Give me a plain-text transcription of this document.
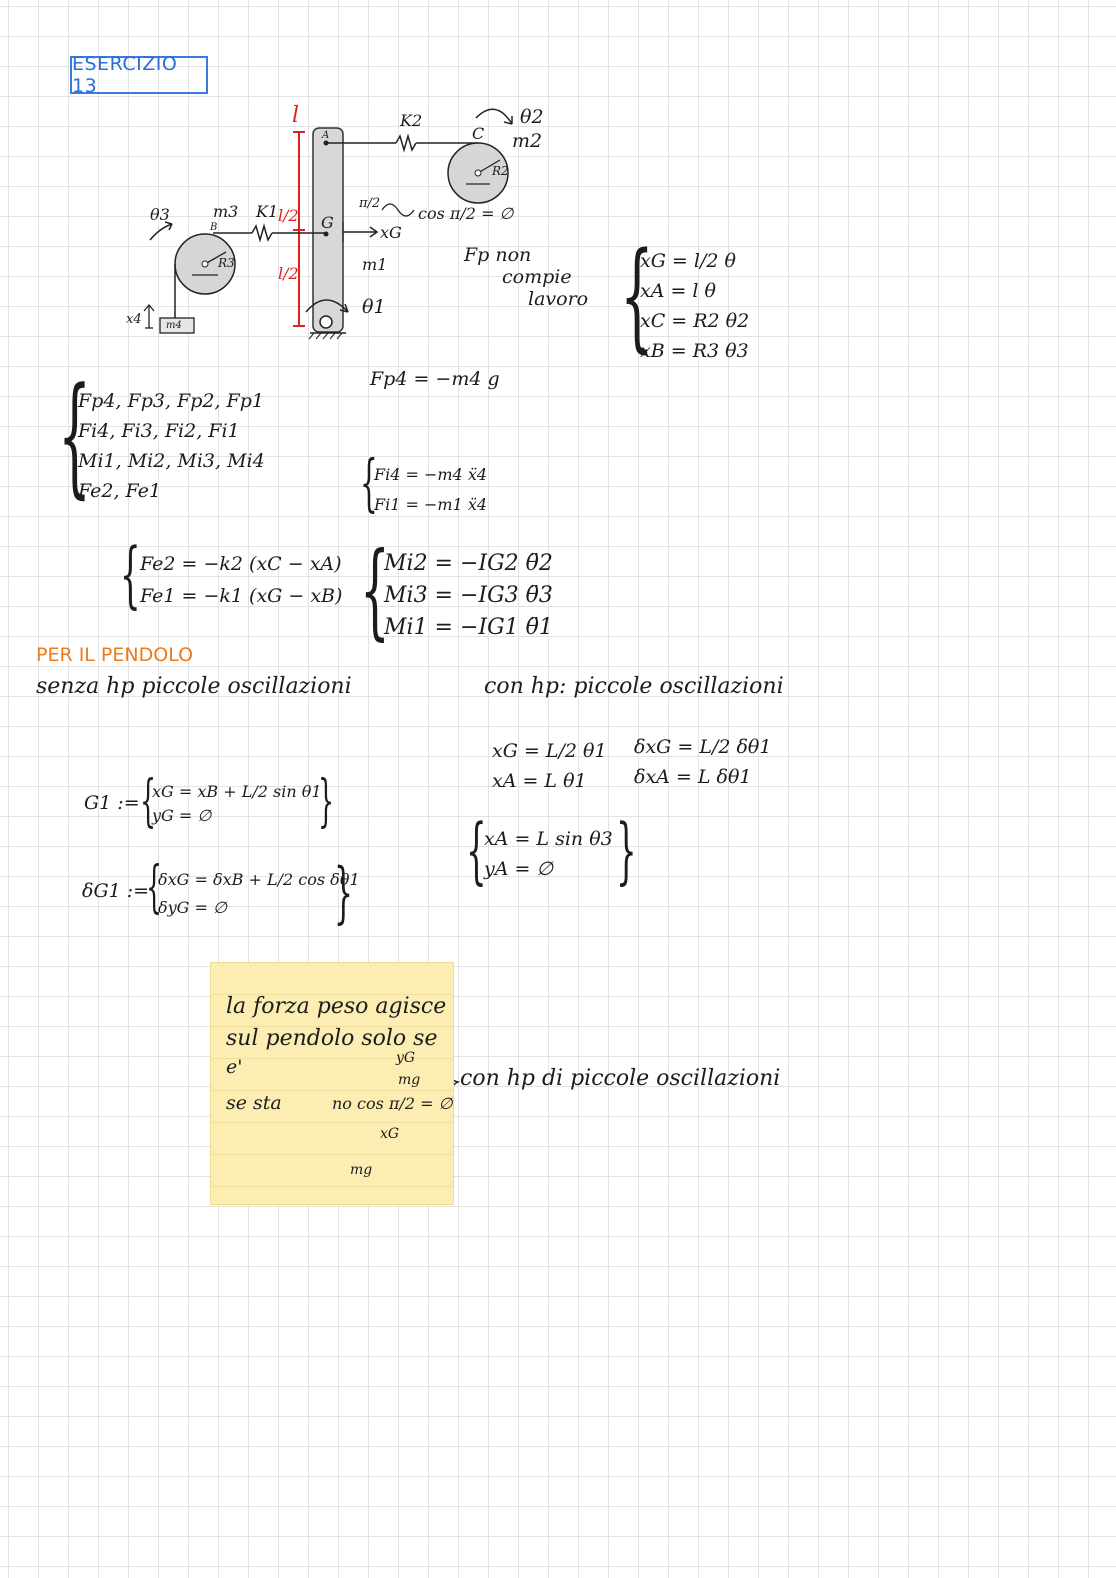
ESERCIZIO 13
l
l/2
l/2
A
B
C
G
K2
K1
m1
m2
m3
m4
θ1
θ2
θ3
R2
R3
x4
xG
π/2
cos π/2 = ∅
Fp non
compie
lavoro {
xG = l/2 θ
xA = l θ
xC = R2 θ2
xB = R3 θ3
Fp4 = −m4 g
{
Fp4, Fp3, Fp2, Fp1
Fi4, Fi3, Fi2, Fi1
Mi1, Mi2, Mi3, Mi4
Fe2, Fe1	{
Fi4 = −m4 ẍ4
Fi1 = −m1 ẍ4
{ Fe2 = −k2 (xC − xA)
Fe1 = −k1 (xG − xB) {
Mi2 = −IG2 θ̈2
Mi3 = −IG3 θ̈3
Mi1 = −IG1 θ̈1
PER IL PENDOLO
senza hp piccole oscillazioni	con hp: piccole oscillazioni
xG = L/2 θ1
xA = L θ1
δxG = L/2 δθ1
δxA = L δθ1
G1 := {
xG = xB + L/2 sin θ1
yG = ∅	}
δG1 :=
{
δxG = δxB + L/2 cos δθ1
δyG = ∅	}
{
xA = L sin θ3
yA = ∅ }
la forza peso agisce
sul pendolo solo se
e'
se sta	no cos π/2 = ∅
yG
mg
xG
mg
con hp di piccole oscillazioni
